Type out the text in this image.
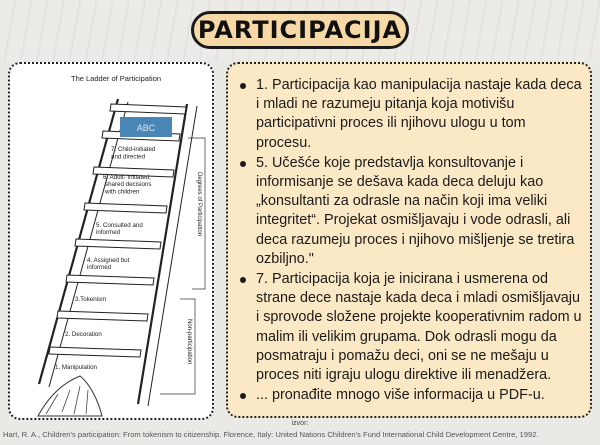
PARTICIPACIJA
The Ladder of Participation
ABC
7. Child-initiated and directed
6. Adult- Initiated, shared decisions with children
5. Consulted and informed
4. Assigned but informed
3.Tokenism
2. Decoration
1. Manipulation
Degrees of Participation
Non-participation
1. Participacija kao manipulacija nastaje kada deca i mladi ne razumeju pitanja koja motivišu participativni proces ili njihovu ulogu u tom procesu.
5. Učešće koje predstavlja konsultovanje i informisanje se dešava kada deca deluju kao „konsultanti za odrasle na način koji ima veliki integritet“. Projekat osmišljavaju i vode odrasli, ali deca razumeju proces i njihovo mišljenje se tretira ozbiljno."
7. Participacija koja je inicirana i usmerena od strane dece nastaje kada deca i mladi osmišljavaju i sprovode složene projekte kooperativnim radom u malim ili velikim grupama. Dok odrasli mogu da posmatraju i pomažu deci, oni se ne mešaju u proces niti igraju ulogu direktive ili menadžera.
... pronađite mnogo više informacija u PDF-u.
izvor:
Hart, R. A., Children's participation: From tokenism to citizenship. Florence, Italy: United Nations Children's Fund International Child Development Centre, 1992.
